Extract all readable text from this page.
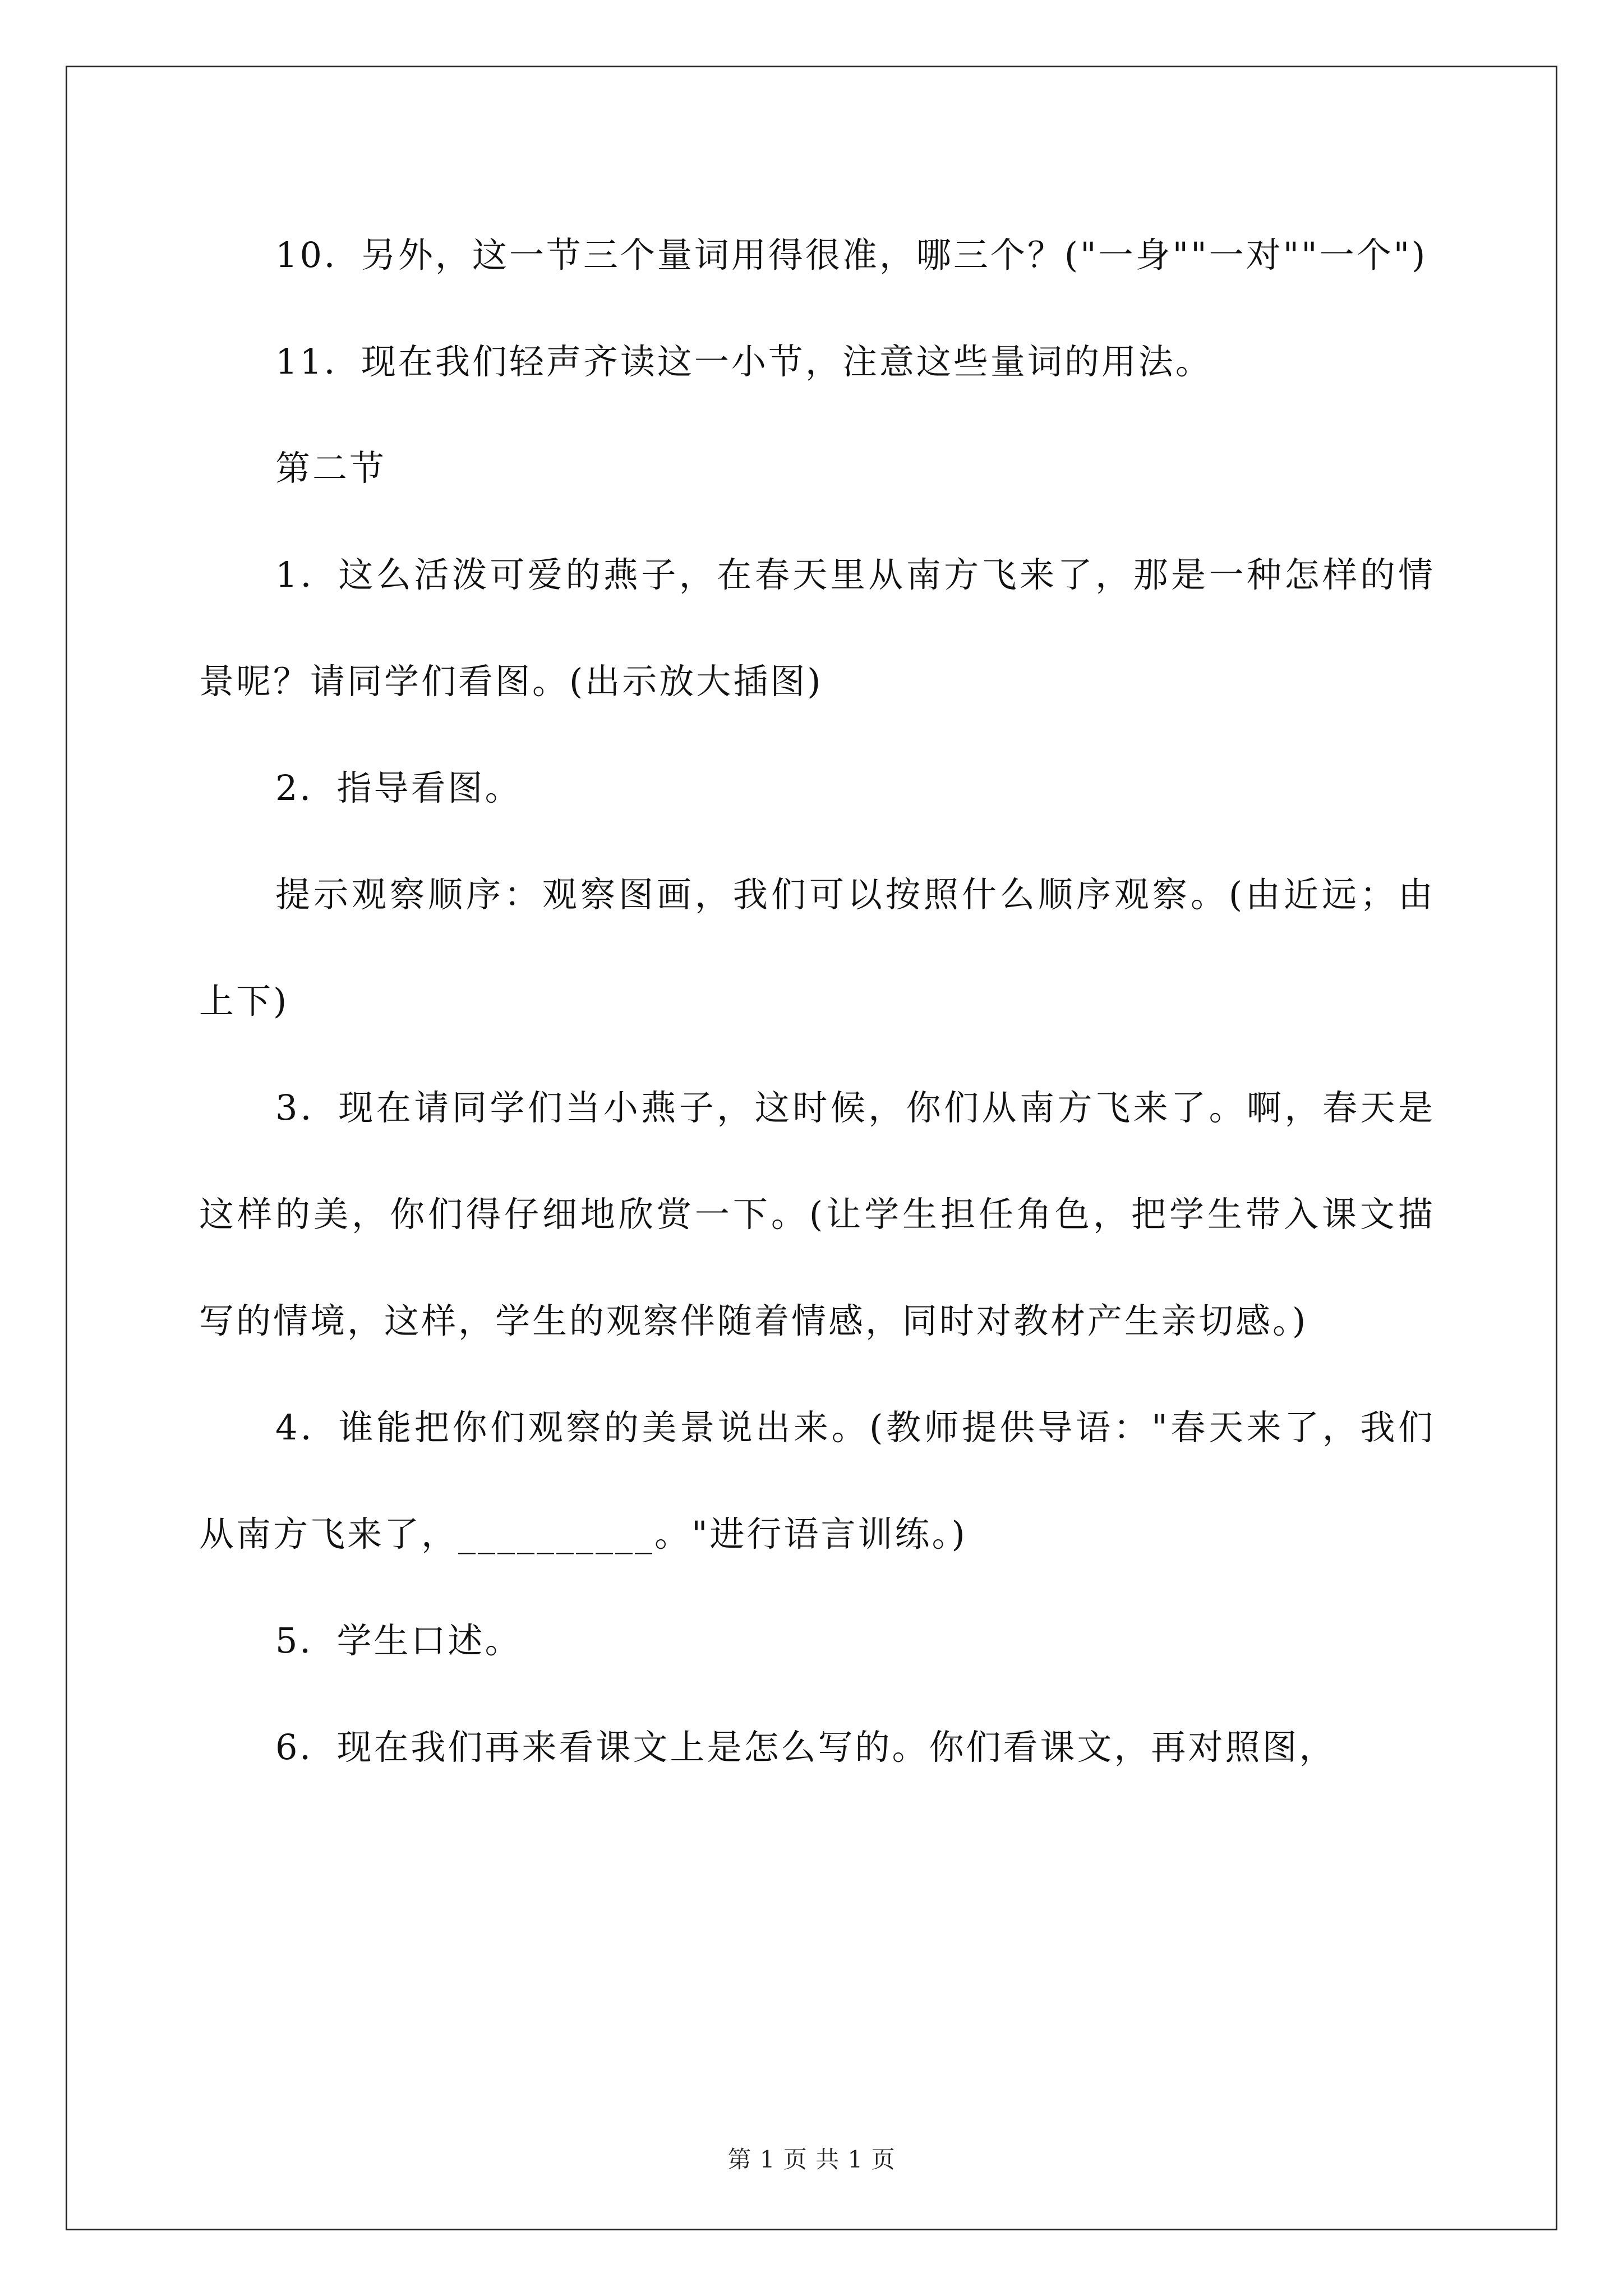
10．另外，这一节三个量词用得很准，哪三个？("一身""一对""一个")

11．现在我们轻声齐读这一小节，注意这些量词的用法。

第二节

1．这么活泼可爱的燕子，在春天里从南方飞来了，那是一种怎样的情景呢？请同学们看图。(出示放大插图)

2．指导看图。

提示观察顺序：观察图画，我们可以按照什么顺序观察。(由近远；由上下)

3．现在请同学们当小燕子，这时候，你们从南方飞来了。啊，春天是这样的美，你们得仔细地欣赏一下。(让学生担任角色，把学生带入课文描写的情境，这样，学生的观察伴随着情感，同时对教材产生亲切感。)

4．谁能把你们观察的美景说出来。(教师提供导语："春天来了，我们从南方飞来了，__________。"进行语言训练。)

5．学生口述。

6．现在我们再来看课文上是怎么写的。你们看课文，再对照图，

第 1 页 共 1 页
